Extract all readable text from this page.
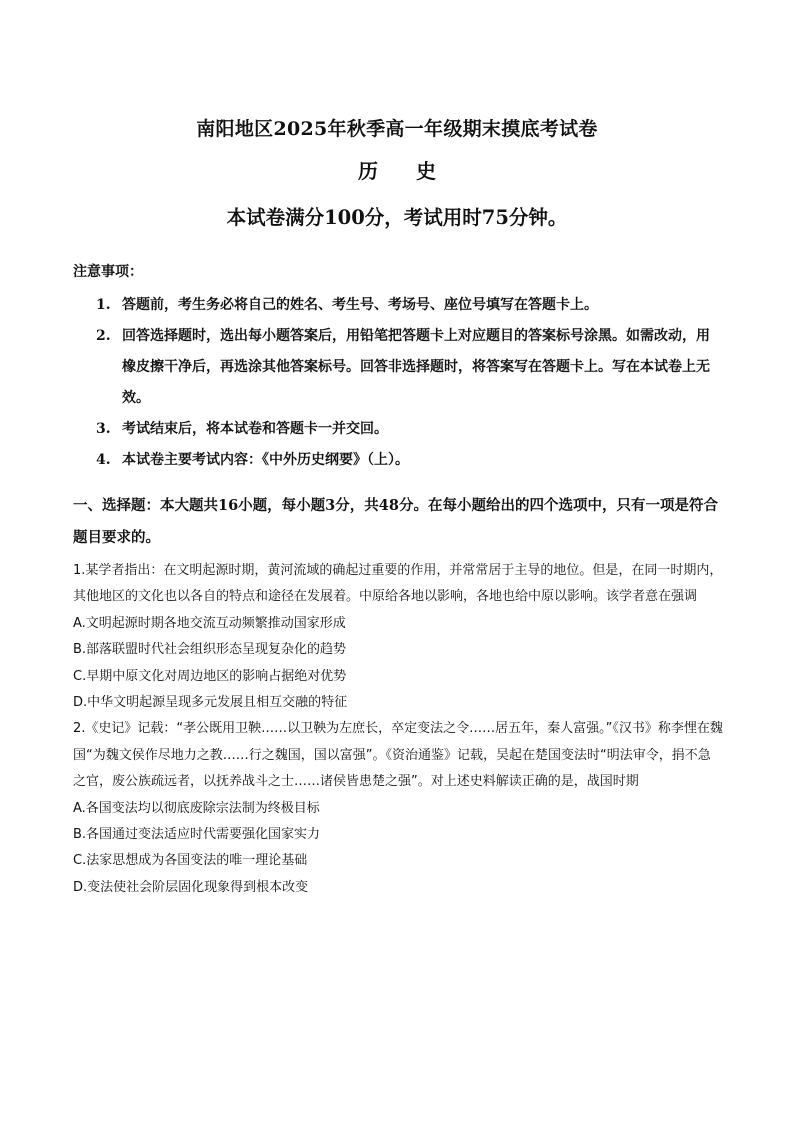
南阳地区2025年秋季高一年级期末摸底考试卷
历 史
本试卷满分100分，考试用时75分钟。
注意事项：
1. 答题前，考生务必将自己的姓名、考生号、考场号、座位号填写在答题卡上。
2. 回答选择题时，选出每小题答案后，用铅笔把答题卡上对应题目的答案标号涂黑。如需改动，用橡皮擦干净后，再选涂其他答案标号。回答非选择题时，将答案写在答题卡上。写在本试卷上无效。
3. 考试结束后，将本试卷和答题卡一并交回。
4. 本试卷主要考试内容：《中外历史纲要》（上）。
一、选择题：本大题共16小题，每小题3分，共48分。在每小题给出的四个选项中，只有一项是符合题目要求的。

1.某学者指出：在文明起源时期，黄河流域的确起过重要的作用，并常常居于主导的地位。但是，在同一时期内，其他地区的文化也以各自的特点和途径在发展着。中原给各地以影响，各地也给中原以影响。该学者意在强调

A.文明起源时期各地交流互动频繁推动国家形成

B.部落联盟时代社会组织形态呈现复杂化的趋势

C.早期中原文化对周边地区的影响占据绝对优势

D.中华文明起源呈现多元发展且相互交融的特征

2.《史记》记载：“孝公既用卫鞅……以卫鞅为左庶长，卒定变法之令……居五年，秦人富强。”《汉书》称李悝在魏国“为魏文侯作尽地力之教……行之魏国，国以富强”。《资治通鉴》记载，吴起在楚国变法时“明法审令，捐不急之官，废公族疏远者，以抚养战斗之士……诸侯皆患楚之强”。对上述史料解读正确的是，战国时期

A.各国变法均以彻底废除宗法制为终极目标

B.各国通过变法适应时代需要强化国家实力

C.法家思想成为各国变法的唯一理论基础

D.变法使社会阶层固化现象得到根本改变
